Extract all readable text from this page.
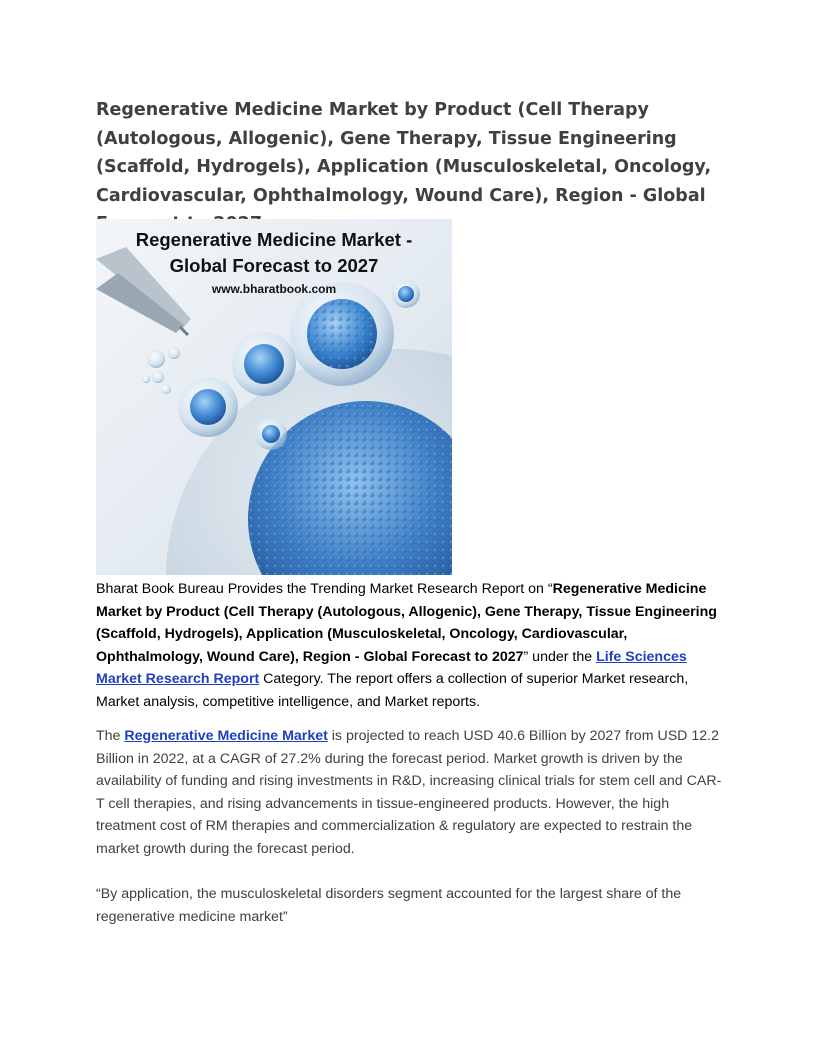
Regenerative Medicine Market by Product (Cell Therapy (Autologous, Allogenic), Gene Therapy, Tissue Engineering (Scaffold, Hydrogels), Application (Musculoskeletal, Oncology, Cardiovascular, Ophthalmology, Wound Care), Region - Global
Regenerative Medicine Market -
Global Forecast to 2027
www.bharatbook.com

Bharat Book Bureau Provides the Trending Market Research Report on “Regenerative Medicine Market by Product (Cell Therapy (Autologous, Allogenic), Gene Therapy, Tissue Engineering (Scaffold, Hydrogels), Application (Musculoskeletal, Oncology, Cardiovascular, Ophthalmology, Wound Care), Region - Global Forecast to 2027” under the Life Sciences Market Research Report Category. The report offers a collection of superior Market research, Market analysis, competitive intelligence, and Market reports.

The Regenerative Medicine Market is projected to reach USD 40.6 Billion by 2027 from USD 12.2 Billion in 2022, at a CAGR of 27.2% during the forecast period. Market growth is driven by the availability of funding and rising investments in R&D, increasing clinical trials for stem cell and CAR-T cell therapies, and rising advancements in tissue-engineered products. However, the high treatment cost of RM therapies and commercialization & regulatory are expected to restrain the market growth during the forecast period.

“By application, the musculoskeletal disorders segment accounted for the largest share of the regenerative medicine market”
